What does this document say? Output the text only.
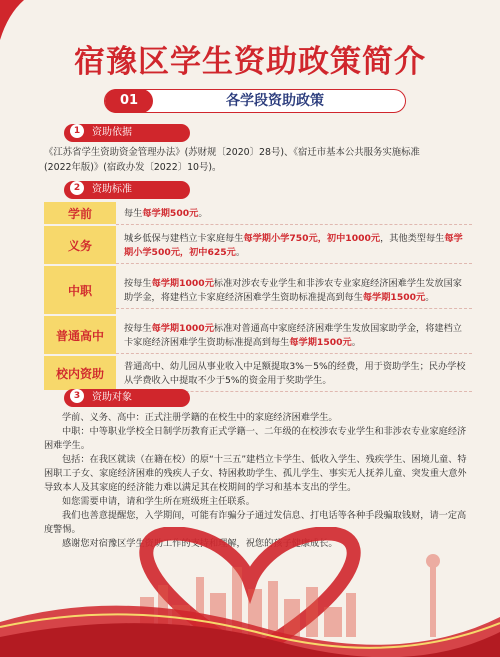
宿豫区学生资助政策简介
01	各学段资助政策
1 资助依据
《江苏省学生资助资金管理办法》(苏财规〔2020〕28号)、《宿迁市基本公共服务实施标准
(2022年版)》(宿政办发〔2022〕10号)。
2 资助标准
学前	每生每学期500元。
义务
城乡低保与建档立卡家庭每生每学期小学750元，初中1000元，其他类型每生每学期小学500元，初中625元。
中职
按每生每学期1000元标准对涉农专业学生和非涉农专业家庭经济困难学生发放国家助学金，将建档立卡家庭经济困难学生资助标准提高到每生每学期1500元。
普通高中
按每生每学期1000元标准对普通高中家庭经济困难学生发放国家助学金，将建档立卡家庭经济困难学生资助标准提高到每生每学期1500元。
校内资助
普通高中、幼儿园从事业收入中足额提取3%－5%的经费，用于资助学生；民办学校从学费收入中提取不少于5%的资金用于奖助学生。
3 资助对象
学前、义务、高中：正式注册学籍的在校生中的家庭经济困难学生。
中职：中等职业学校全日制学历教育正式学籍一、二年级的在校涉农专业学生和非涉农专业家庭经济困难学生。
包括：在我区就读（在籍在校）的原“十三五”建档立卡学生、低收入学生、残疾学生、困境儿童、特困职工子女、家庭经济困难的残疾人子女、特困救助学生、孤儿学生、事实无人抚养儿童、突发重大意外导致本人及其家庭的经济能力难以满足其在校期间的学习和基本支出的学生。
如您需要申请，请和学生所在班级班主任联系。
我们也善意提醒您，入学期间，可能有诈骗分子通过发信息、打电话等各种手段骗取钱财，请一定高度警惕。
感谢您对宿豫区学生资助工作的支持和理解，祝您的孩子健康成长。
